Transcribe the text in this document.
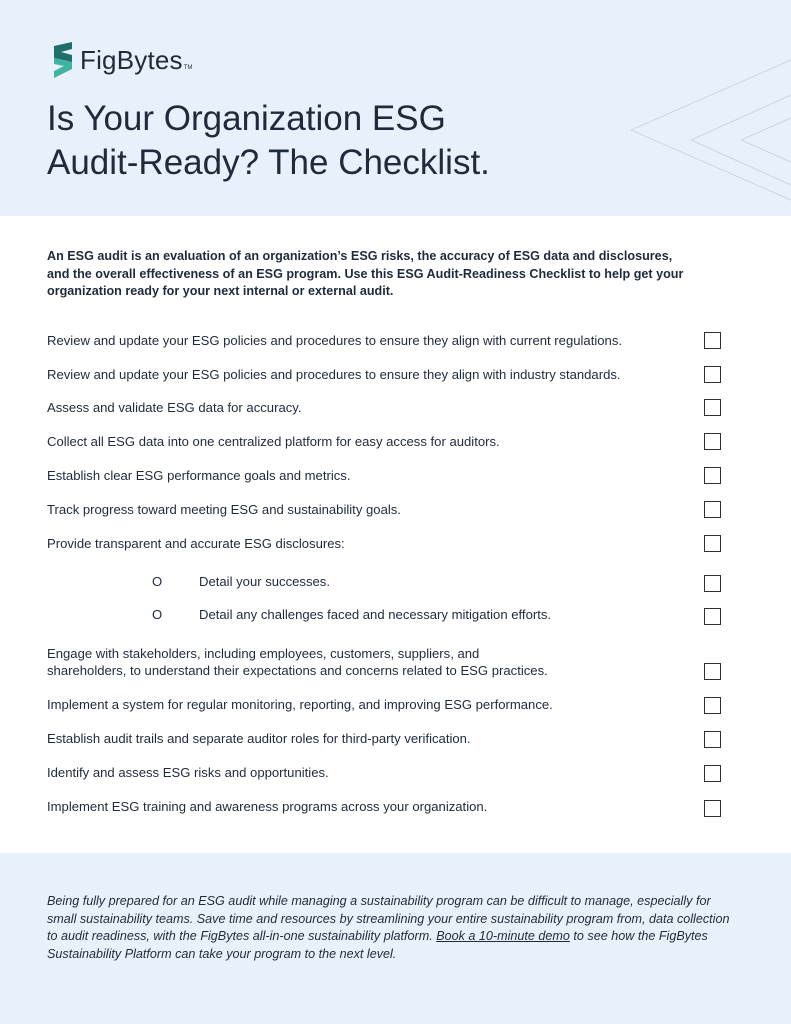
FigBytes TM
Is Your Organization ESG
Audit-Ready? The Checklist.

An ESG audit is an evaluation of an organization’s ESG risks, the accuracy of ESG data and disclosures, and the overall effectiveness of an ESG program. Use this ESG Audit-Readiness Checklist to help get your organization ready for your next internal or external audit.

Review and update your ESG policies and procedures to ensure they align with current regulations.
Review and update your ESG policies and procedures to ensure they align with industry standards.
Assess and validate ESG data for accuracy.
Collect all ESG data into one centralized platform for easy access for auditors.
Establish clear ESG performance goals and metrics.
Track progress toward meeting ESG and sustainability goals.
Provide transparent and accurate ESG disclosures:
O	Detail your successes.
O	Detail any challenges faced and necessary mitigation efforts.
Engage with stakeholders, including employees, customers, suppliers, and
shareholders, to understand their expectations and concerns related to ESG practices.
Implement a system for regular monitoring, reporting, and improving ESG performance.
Establish audit trails and separate auditor roles for third-party verification.
Identify and assess ESG risks and opportunities.
Implement ESG training and awareness programs across your organization.

Being fully prepared for an ESG audit while managing a sustainability program can be difficult to manage, especially for small sustainability teams. Save time and resources by streamlining your entire sustainability program from, data collection to audit readiness, with the FigBytes all-in-one sustainability platform. Book a 10-minute demo to see how the FigBytes Sustainability Platform can take your program to the next level.
